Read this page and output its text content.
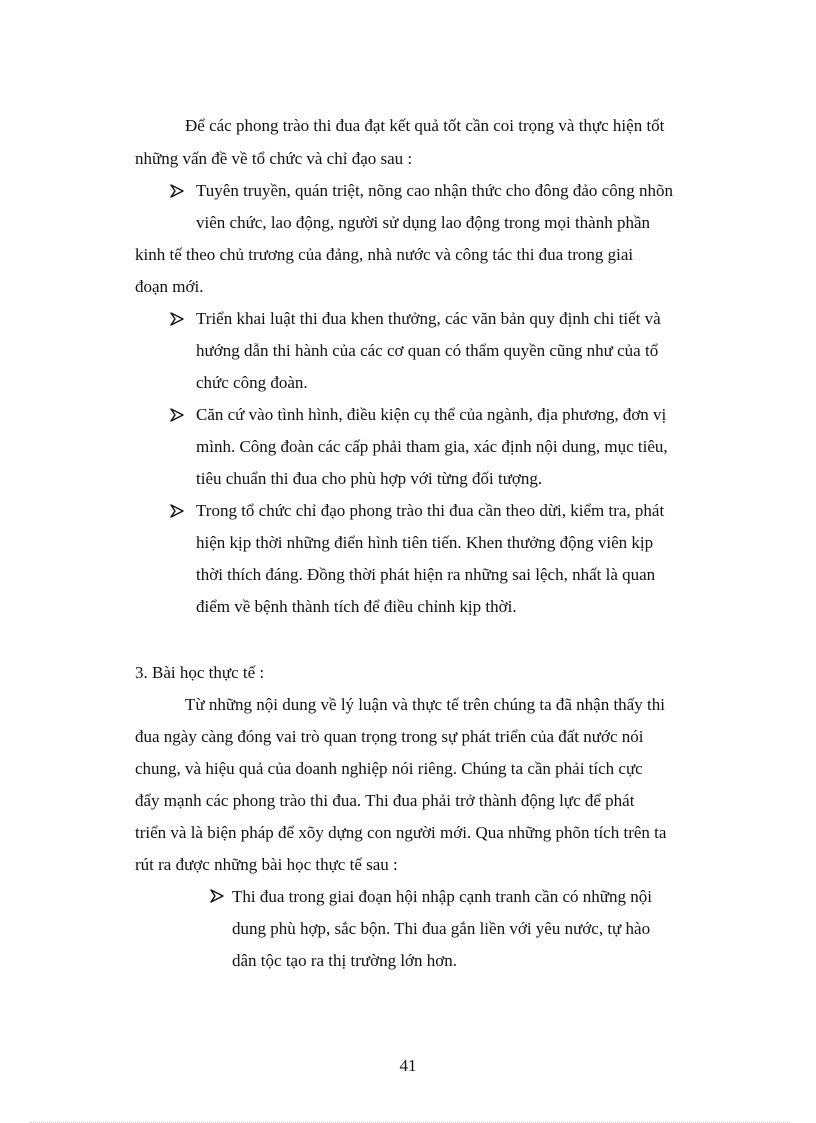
Để các phong trào thi đua đạt kết quả tốt cần coi trọng và thực hiện tốt
những vấn đề về tổ chức và chỉ đạo sau :
Tuyên truyền, quán triệt, nõng cao nhận thức cho đông đảo công nhõn
viên chức, lao động, người sử dụng lao động trong mọi thành phần
kinh tế theo chủ trương của đảng, nhà nước và công tác thi đua trong giai
đoạn mới.
Triển khai luật thi đua khen thưởng, các văn bản quy định chi tiết và
hướng dẫn thi hành của các cơ quan có thẩm quyền cũng như của tổ
chức công đoàn.
Căn cứ vào tình hình, điều kiện cụ thể của ngành, địa phương, đơn vị
mình. Công đoàn các cấp phải tham gia, xác định nội dung, mục tiêu,
tiêu chuẩn thi đua cho phù hợp với từng đối tượng.
Trong tổ chức chỉ đạo phong trào thi đua cần theo dừi, kiểm tra, phát
hiện kịp thời những điển hình tiên tiến. Khen thưởng động viên kịp
thời thích đáng. Đồng thời phát hiện ra những sai lệch, nhất là quan
điểm về bệnh thành tích để điều chỉnh kịp thời.
3. Bài học thực tế :
Từ những nội dung về lý luận và thực tế trên chúng ta đã nhận thấy thi
đua ngày càng đóng vai trò quan trọng trong sự phát triển của đất nước nói
chung, và hiệu quả của doanh nghiệp nói riêng. Chúng ta cần phải tích cực
đẩy mạnh các phong trào thi đua. Thi đua phải trở thành động lực để phát
triển và là biện pháp để xõy dựng con người mới. Qua những phõn tích trên ta
rút ra được những bài học thực tế sau :
Thi đua trong giai đoạn hội nhập cạnh tranh cần có những nội
dung phù hợp, sắc bộn. Thi đua gắn liền với yêu nước, tự hào
dân tộc tạo ra thị trường lớn hơn.
41
